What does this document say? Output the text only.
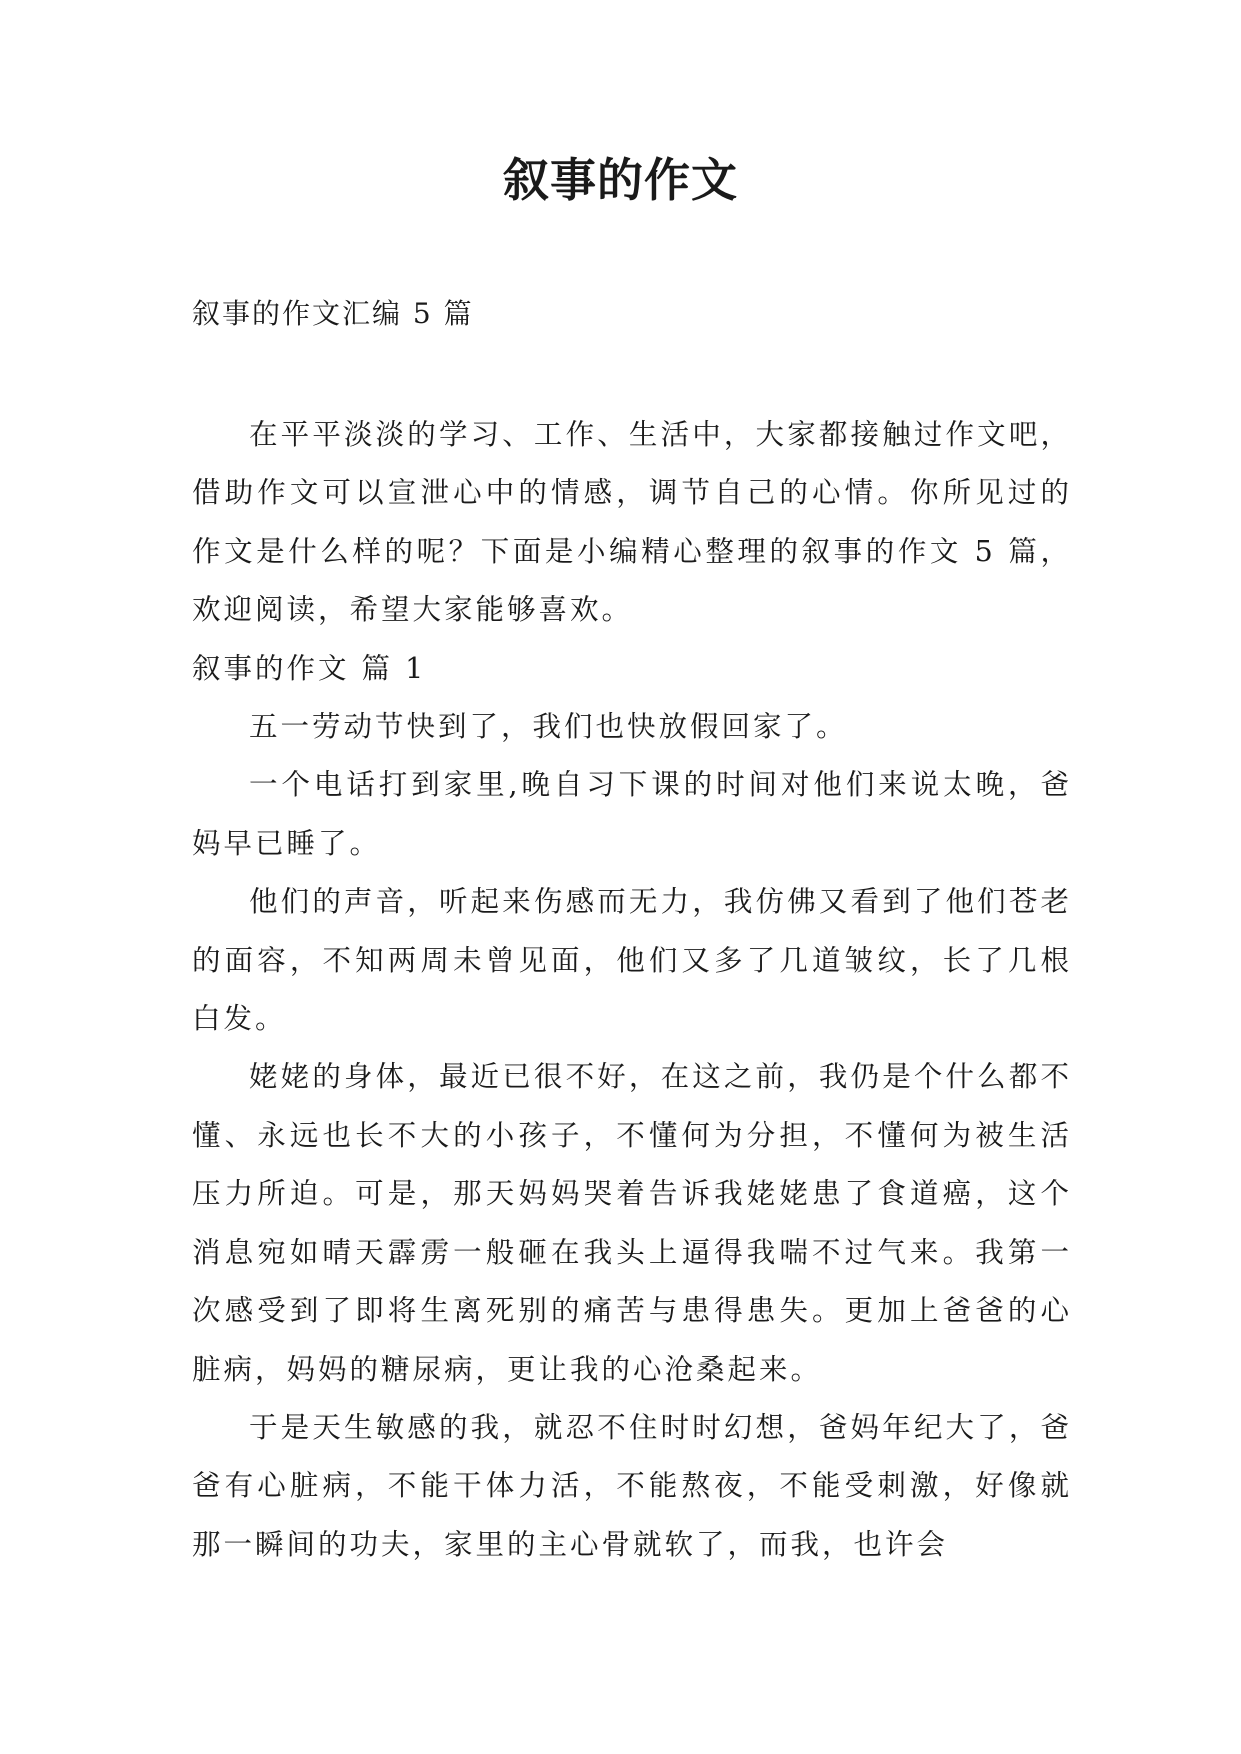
叙事的作文
叙事的作文汇编 5 篇

在平平淡淡的学习、工作、生活中，大家都接触过作文吧，借助作文可以宣泄心中的情感，调节自己的心情。你所见过的作文是什么样的呢？下面是小编精心整理的叙事的作文 5 篇，欢迎阅读，希望大家能够喜欢。

叙事的作文 篇 1

五一劳动节快到了，我们也快放假回家了。

一个电话打到家里,晚自习下课的时间对他们来说太晚，爸妈早已睡了。

他们的声音，听起来伤感而无力，我仿佛又看到了他们苍老的面容，不知两周未曾见面，他们又多了几道皱纹，长了几根白发。

姥姥的身体，最近已很不好，在这之前，我仍是个什么都不懂、永远也长不大的小孩子，不懂何为分担，不懂何为被生活压力所迫。可是，那天妈妈哭着告诉我姥姥患了食道癌，这个消息宛如晴天霹雳一般砸在我头上逼得我喘不过气来。我第一次感受到了即将生离死别的痛苦与患得患失。更加上爸爸的心脏病，妈妈的糖尿病，更让我的心沧桑起来。

于是天生敏感的我，就忍不住时时幻想，爸妈年纪大了，爸爸有心脏病，不能干体力活，不能熬夜，不能受刺激，好像就那一瞬间的功夫，家里的主心骨就软了，而我，也许会
